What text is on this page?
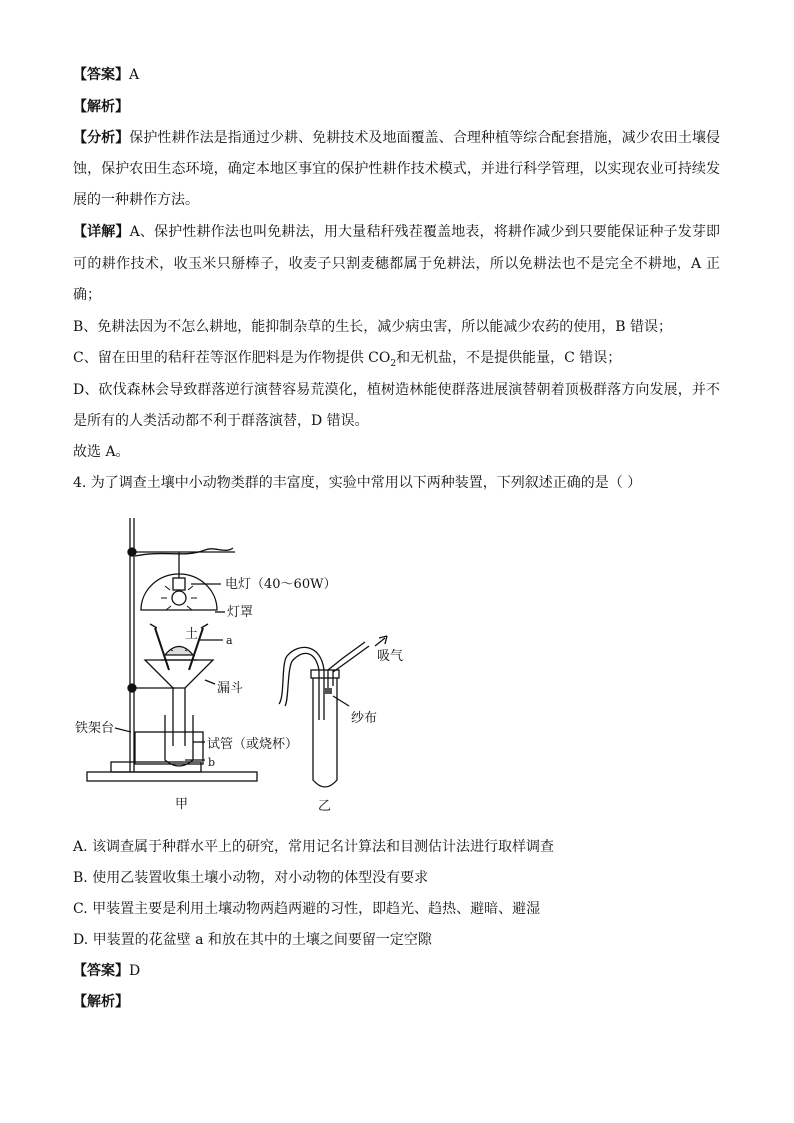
【答案】A
【解析】
【分析】保护性耕作法是指通过少耕、免耕技术及地面覆盖、合理种植等综合配套措施，减少农田土壤侵
蚀，保护农田生态环境，确定本地区事宜的保护性耕作技术模式，并进行科学管理，以实现农业可持续发
展的一种耕作方法。
【详解】A、保护性耕作法也叫免耕法，用大量秸秆残茬覆盖地表，将耕作减少到只要能保证种子发芽即
可的耕作技术，收玉米只掰棒子，收麦子只割麦穗都属于免耕法，所以免耕法也不是完全不耕地，A 正
确；
B、免耕法因为不怎么耕地，能抑制杂草的生长，减少病虫害，所以能减少农药的使用，B 错误；
C、留在田里的秸秆茬等沤作肥料是为作物提供 $CO_2$和无机盐，不是提供能量，C 错误；
D、砍伐森林会导致群落逆行演替容易荒漠化，植树造林能使群落进展演替朝着顶极群落方向发展，并不
是所有的人类活动都不利于群落演替，D 错误。
故选 A。
4. 为了调查土壤中小动物类群的丰富度，实验中常用以下两种装置，下列叙述正确的是（ ）
电灯（40～60W）
灯罩
土	a
漏斗
铁架台
试管（或烧杯）
b
甲
吸气
纱布
乙
A. 该调查属于种群水平上的研究，常用记名计算法和目测估计法进行取样调查
B. 使用乙装置收集土壤小动物，对小动物的体型没有要求
C. 甲装置主要是利用土壤动物两趋两避的习性，即趋光、趋热、避暗、避湿
D. 甲装置的花盆壁 a 和放在其中的土壤之间要留一定空隙
【答案】D
【解析】
